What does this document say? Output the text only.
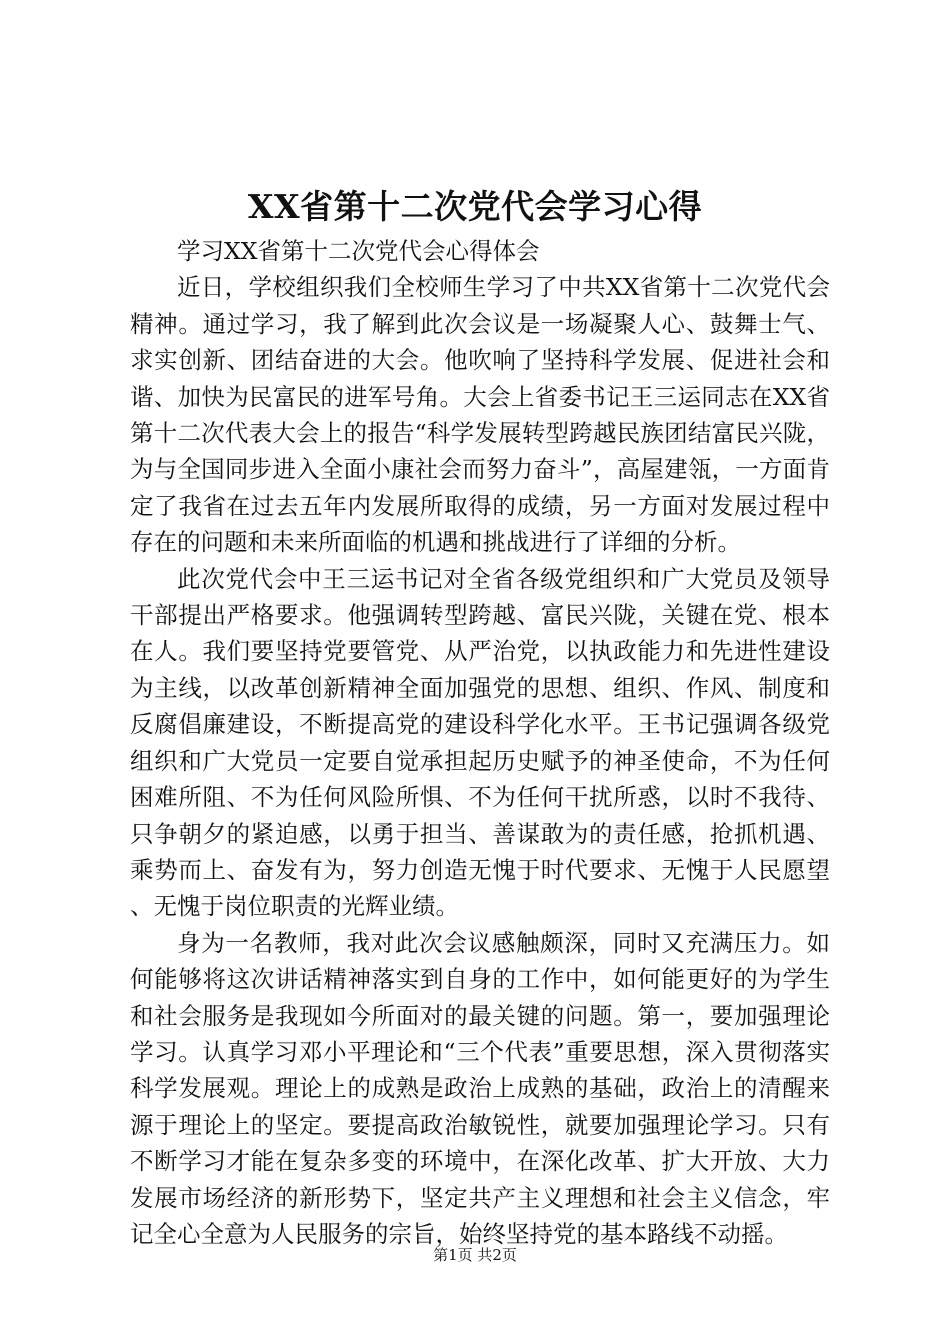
XX省第十二次党代会学习心得

学习XX省第十二次党代会心得体会

近日，学校组织我们全校师生学习了中共XX省第十二次党代会精神。通过学习，我了解到此次会议是一场凝聚人心、鼓舞士气、求实创新、团结奋进的大会。他吹响了坚持科学发展、促进社会和谐、加快为民富民的进军号角。大会上省委书记王三运同志在XX省第十二次代表大会上的报告“科学发展转型跨越民族团结富民兴陇，为与全国同步进入全面小康社会而努力奋斗”，高屋建瓴，一方面肯定了我省在过去五年内发展所取得的成绩，另一方面对发展过程中存在的问题和未来所面临的机遇和挑战进行了详细的分析。

此次党代会中王三运书记对全省各级党组织和广大党员及领导干部提出严格要求。他强调转型跨越、富民兴陇，关键在党、根本在人。我们要坚持党要管党、从严治党，以执政能力和先进性建设为主线，以改革创新精神全面加强党的思想、组织、作风、制度和反腐倡廉建设，不断提高党的建设科学化水平。王书记强调各级党组织和广大党员一定要自觉承担起历史赋予的神圣使命，不为任何困难所阻、不为任何风险所惧、不为任何干扰所惑，以时不我待、只争朝夕的紧迫感，以勇于担当、善谋敢为的责任感，抢抓机遇、乘势而上、奋发有为，努力创造无愧于时代要求、无愧于人民愿望、无愧于岗位职责的光辉业绩。

身为一名教师，我对此次会议感触颇深，同时又充满压力。如何能够将这次讲话精神落实到自身的工作中，如何能更好的为学生和社会服务是我现如今所面对的最关键的问题。第一，要加强理论学习。认真学习邓小平理论和“三个代表”重要思想，深入贯彻落实科学发展观。理论上的成熟是政治上成熟的基础，政治上的清醒来源于理论上的坚定。要提高政治敏锐性，就要加强理论学习。只有不断学习才能在复杂多变的环境中，在深化改革、扩大开放、大力发展市场经济的新形势下，坚定共产主义理想和社会主义信念，牢记全心全意为人民服务的宗旨，始终坚持党的基本路线不动摇。

第1页 共2页
